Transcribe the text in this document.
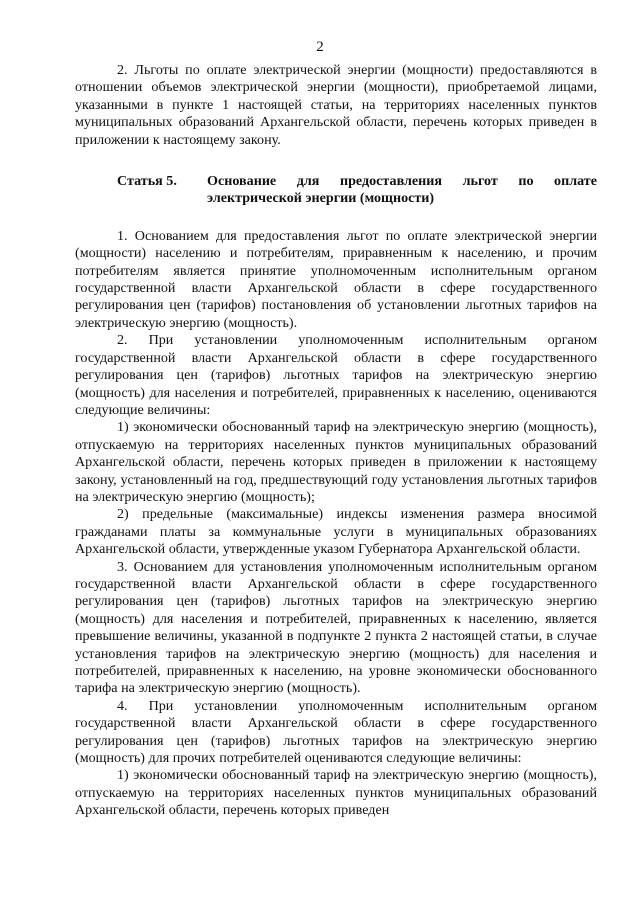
2

2. Льготы по оплате электрической энергии (мощности) предоставляются в отношении объемов электрической энергии (мощности), приобретаемой лицами, указанными в пункте 1 настоящей статьи, на территориях населенных пунктов муниципальных образований Архангельской области, перечень которых приведен в приложении к настоящему закону.

Статья 5.	Основание для предоставления льгот по оплате электрической энергии (мощности)

1. Основанием для предоставления льгот по оплате электрической энергии (мощности) населению и потребителям, приравненным к населению, и прочим потребителям является принятие уполномоченным исполнительным органом государственной власти Архангельской области в сфере государственного регулирования цен (тарифов) постановления об установлении льготных тарифов на электрическую энергию (мощность).

2. При установлении уполномоченным исполнительным органом государственной власти Архангельской области в сфере государственного регулирования цен (тарифов) льготных тарифов на электрическую энергию (мощность) для населения и потребителей, приравненных к населению, оцениваются следующие величины:

1) экономически обоснованный тариф на электрическую энергию (мощность), отпускаемую на территориях населенных пунктов муниципальных образований Архангельской области, перечень которых приведен в приложении к настоящему закону, установленный на год, предшествующий году установления льготных тарифов на электрическую энергию (мощность);

2) предельные (максимальные) индексы изменения размера вносимой гражданами платы за коммунальные услуги в муниципальных образованиях Архангельской области, утвержденные указом Губернатора Архангельской области.

3. Основанием для установления уполномоченным исполнительным органом государственной власти Архангельской области в сфере государственного регулирования цен (тарифов) льготных тарифов на электрическую энергию (мощность) для населения и потребителей, приравненных к населению, является превышение величины, указанной в подпункте 2 пункта 2 настоящей статьи, в случае установления тарифов на электрическую энергию (мощность) для населения и потребителей, приравненных к населению, на уровне экономически обоснованного тарифа на электрическую энергию (мощность).

4. При установлении уполномоченным исполнительным органом государственной власти Архангельской области в сфере государственного регулирования цен (тарифов) льготных тарифов на электрическую энергию (мощность) для прочих потребителей оцениваются следующие величины:

1) экономически обоснованный тариф на электрическую энергию (мощность), отпускаемую на территориях населенных пунктов муниципальных образований Архангельской области, перечень которых приведен
